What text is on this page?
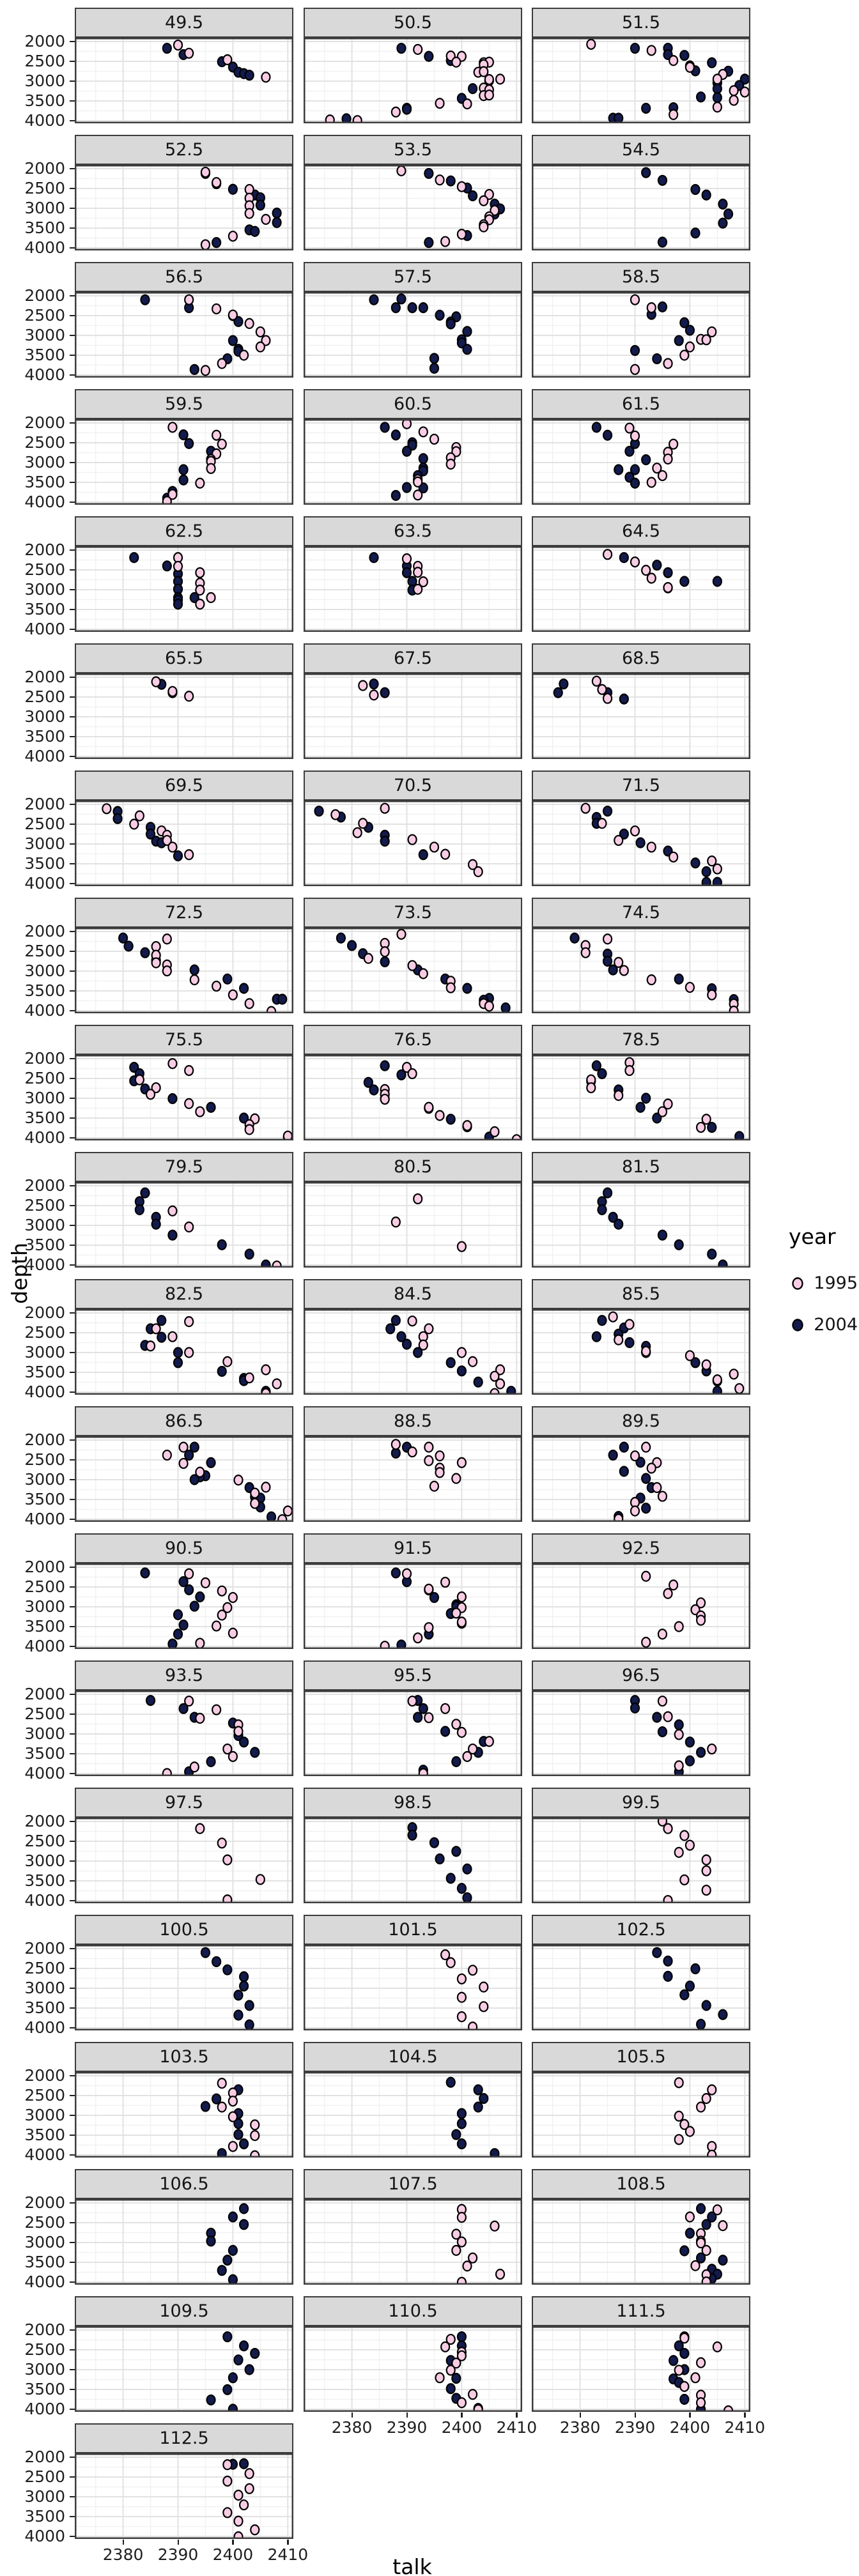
49.5	50.5	51.5
52.5	53.5	54.5
56.5	57.5	58.5
59.5	60.5	61.5
62.5	63.5	64.5
65.5	67.5	68.5
69.5	70.5	71.5
72.5	73.5	74.5
75.5	76.5	78.5
79.5	80.5	81.5
82.5	84.5	85.5
86.5	88.5	89.5
90.5	91.5	92.5
93.5	95.5	96.5
97.5	98.5	99.5
100.5	101.5	102.5
103.5	104.5	105.5
106.5	107.5	108.5
109.5	110.5	111.5
112.5
depth
talk
year
1995
2004
2000
2500
3000
3500
4000
2000
2500
3000
3500
4000
2000
2500
3000
3500
4000
2000
2500
3000
3500
4000
2000
2500
3000
3500
4000
2000
2500
3000
3500
4000
2000
2500
3000
3500
4000
2000
2500
3000
3500
4000
2000
2500
3000
3500
4000
2000
2500
3000
3500
4000
2000
2500
3000
3500
4000
2000
2500
3000
3500
4000
2000
2500
3000
3500
4000
2000
2500
3000
3500
4000
2000
2500
3000
3500
4000
2000
2500
3000
3500
4000
2000
2500
3000
3500
4000
2000
2500
3000
3500
4000
2000
2500
3000
3500
4000
2380 2390 2400 2410	2380 2390 2400 2410
2000
2500
3000
3500
4000
2380 2390 2400 2410
